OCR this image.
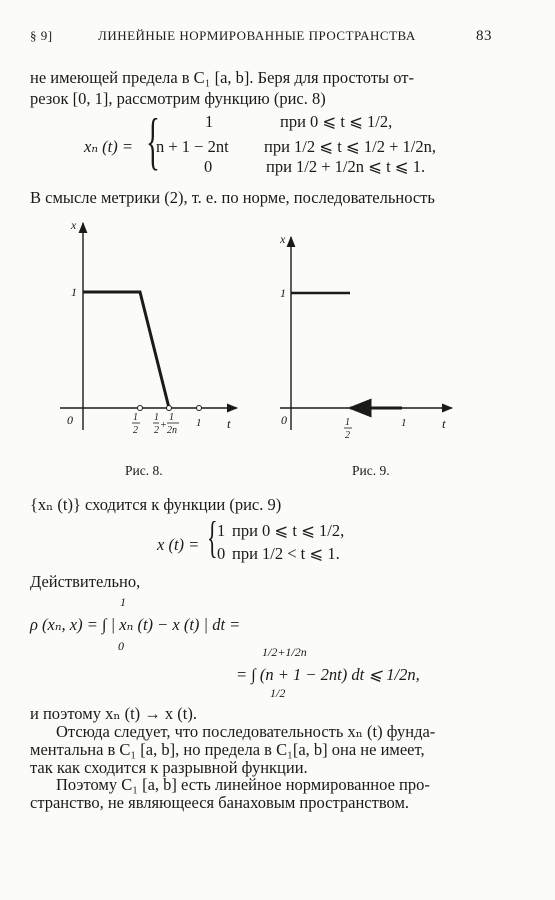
§ 9]	ЛИНЕЙНЫЕ НОРМИРОВАННЫЕ ПРОСТРАНСТВА	83
не имеющей предела в C₁ [a, b]. Беря для простоты от-
резок [0, 1], рассмотрим функцию (рис. 8)
xₙ (t) = {	1	при 0 ⩽ t ⩽ 1/2,
n + 1 − 2nt при 1/2 ⩽ t ⩽ 1/2 + 1/2n,
0	при 1/2 + 1/2n ⩽ t ⩽ 1.
В смысле метрики (2), т. е. по норме, последовательность
x
1
0	t
1
2
1
2 +
1
2n
1
x
1
0	t
1
2
1
Рис. 8.	Рис. 9.
{xₙ (t)} сходится к функции (рис. 9)
x (t) = { 1 при 0 ⩽ t ⩽ 1/2,
0 при 1/2 < t ⩽ 1.
Действительно,
1
ρ (xₙ, x) = ∫ | xₙ (t) − x (t) | dt =
0	1/2+1/2n
= ∫ (n + 1 − 2nt) dt ⩽ 1/2n,
1/2
и поэтому xₙ (t) → x (t).
Отсюда следует, что последовательность xₙ (t) фунда-
ментальна в C₁ [a, b], но предела в C₁[a, b] она не имеет,
так как сходится к разрывной функции.
Поэтому C₁ [a, b] есть линейное нормированное про-
странство, не являющееся банаховым пространством.
